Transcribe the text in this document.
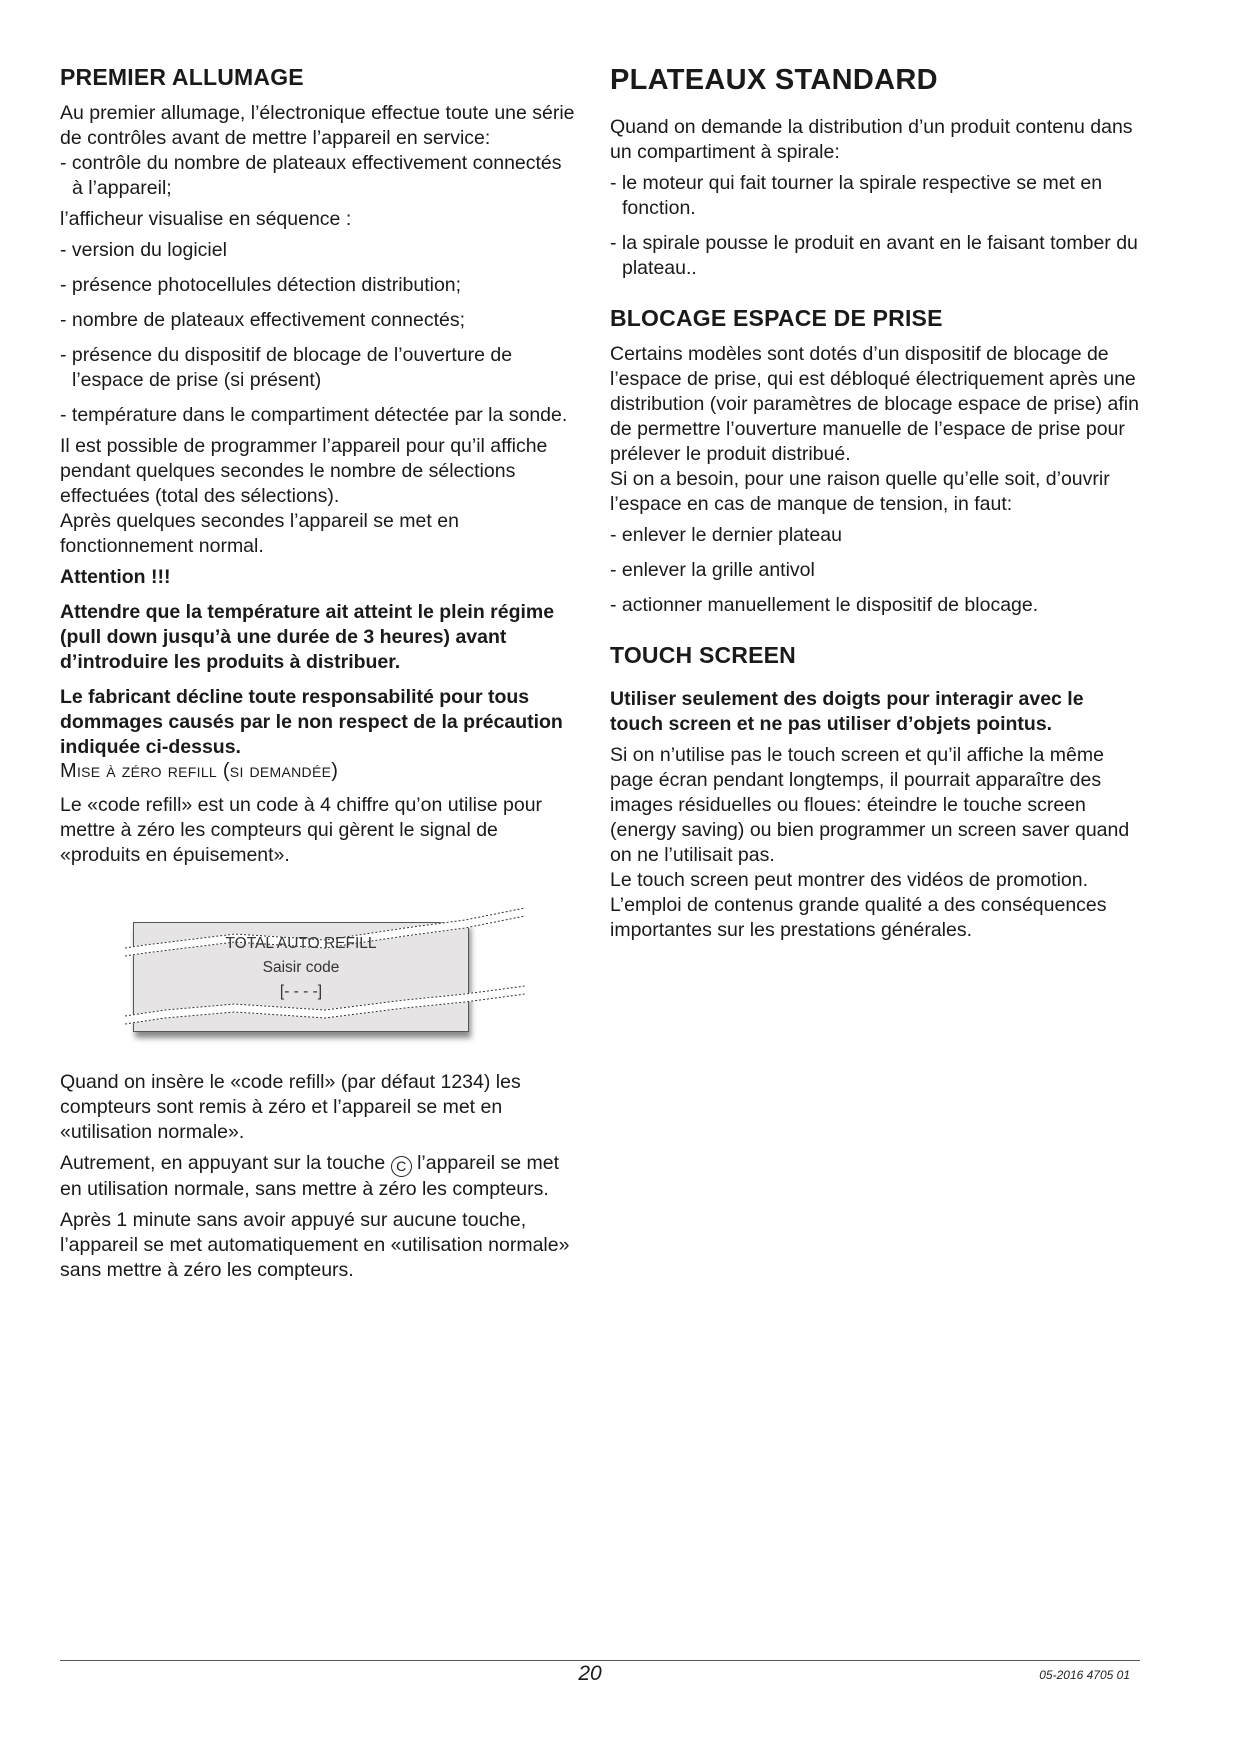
PREMIER ALLUMAGE

Au premier allumage, l’électronique effectue toute une série de contrôles avant de mettre l’appareil en service:

- contrôle du nombre de plateaux effectivement connectés à l’appareil;

l’afficheur visualise en séquence :

- version du logiciel

- présence photocellules détection distribution;

- nombre de plateaux effectivement connectés;

- présence du dispositif de blocage de l’ouverture de l’espace de prise (si présent)

- température dans le compartiment détectée par la sonde.

Il est possible de programmer l’appareil pour qu’il affiche pendant quelques secondes le nombre de sélections effectuées (total des sélections).

Après quelques secondes l’appareil se met en fonctionnement normal.

Attention !!!

Attendre que la température ait atteint le plein régime (pull down jusqu’à une durée de 3 heures) avant d’introduire les produits à distribuer.

Le fabricant décline toute responsabilité pour tous dommages causés par le non respect de la précaution indiquée ci-dessus.

Mise à zéro refill (si demandée)

Le «code refill» est un code à 4 chiffre qu’on utilise pour mettre à zéro les compteurs qui gèrent le signal de «produits en épuisement».

TOTAL AUTO REFILL
Saisir code
[- - - -]

Quand on insère le «code refill» (par défaut 1234) les compteurs sont remis à zéro et l’appareil se met en «utilisation normale».

Autrement, en appuyant sur la touche C l’appareil se met en utilisation normale, sans mettre à zéro les compteurs.

Après 1 minute sans avoir appuyé sur aucune touche, l’appareil se met automatiquement en «utilisation normale» sans mettre à zéro les compteurs.

PLATEAUX STANDARD

Quand on demande la distribution d’un produit contenu dans un compartiment à spirale:

- le moteur qui fait tourner la spirale respective se met en fonction.

- la spirale pousse le produit en avant en le faisant tomber du plateau..

BLOCAGE ESPACE DE PRISE

Certains modèles sont dotés d’un dispositif de blocage de l’espace de prise, qui est débloqué électriquement après une distribution (voir paramètres de blocage espace de prise) afin de permettre l’ouverture manuelle de l’espace de prise pour prélever le produit distribué.

Si on a besoin, pour une raison quelle qu’elle soit, d’ouvrir l’espace en cas de manque de tension, in faut:

- enlever le dernier plateau

- enlever la grille antivol

- actionner manuellement le dispositif de blocage.

TOUCH SCREEN

Utiliser seulement des doigts pour interagir avec le touch screen et ne pas utiliser d’objets pointus.

Si on n’utilise pas le touch screen et qu’il affiche la même page écran pendant longtemps, il pourrait apparaître des images résiduelles ou floues: éteindre le touche screen (energy saving) ou bien programmer un screen saver quand on ne l’utilisait pas.

Le touch screen peut montrer des vidéos de promotion.

L’emploi de contenus grande qualité a des conséquences importantes sur les prestations générales.

20	05-2016 4705 01
